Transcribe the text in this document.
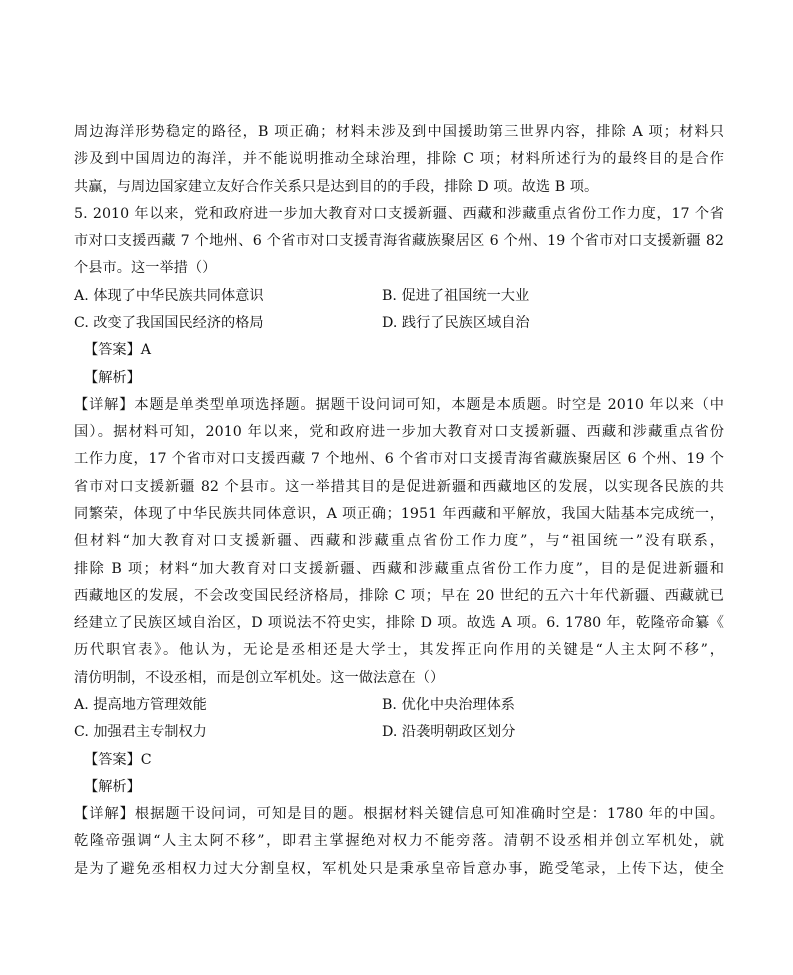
周边海洋形势稳定的路径，B 项正确；材料未涉及到中国援助第三世界内容，排除 A 项；材料只
涉及到中国周边的海洋，并不能说明推动全球治理，排除 C 项；材料所述行为的最终目的是合作
共赢，与周边国家建立友好合作关系只是达到目的的手段，排除 D 项。故选 B 项。
5. 2010 年以来，党和政府进一步加大教育对口支援新疆、西藏和涉藏重点省份工作力度，17 个省
市对口支援西藏 7 个地州、6 个省市对口支援青海省藏族聚居区 6 个州、19 个省市对口支援新疆 82
个县市。这一举措（）
A. 体现了中华民族共同体意识	B. 促进了祖国统一大业
C. 改变了我国国民经济的格局	D. 践行了民族区域自治
【答案】A
【解析】
【详解】本题是单类型单项选择题。据题干设问词可知，本题是本质题。时空是 2010 年以来（中
国）。据材料可知，2010 年以来，党和政府进一步加大教育对口支援新疆、西藏和涉藏重点省份
工作力度，17 个省市对口支援西藏 7 个地州、6 个省市对口支援青海省藏族聚居区 6 个州、19 个
省市对口支援新疆 82 个县市。这一举措其目的是促进新疆和西藏地区的发展，以实现各民族的共
同繁荣，体现了中华民族共同体意识，A 项正确；1951 年西藏和平解放，我国大陆基本完成统一，
但材料“加大教育对口支援新疆、西藏和涉藏重点省份工作力度”，与“祖国统一”没有联系，
排除 B 项；材料“加大教育对口支援新疆、西藏和涉藏重点省份工作力度”，目的是促进新疆和
西藏地区的发展，不会改变国民经济格局，排除 C 项；早在 20 世纪的五六十年代新疆、西藏就已
经建立了民族区域自治区，D 项说法不符史实，排除 D 项。故选 A 项。6. 1780 年，乾隆帝命纂《
历代职官表》。他认为，无论是丞相还是大学士，其发挥正向作用的关键是“人主太阿不移”，
清仿明制，不设丞相，而是创立军机处。这一做法意在（）
A. 提高地方管理效能	B. 优化中央治理体系
C. 加强君主专制权力	D. 沿袭明朝政区划分
【答案】C
【解析】
【详解】根据题干设问词，可知是目的题。根据材料关键信息可知准确时空是：1780 年的中国。
乾隆帝强调“人主太阿不移”，即君主掌握绝对权力不能旁落。清朝不设丞相并创立军机处，就
是为了避免丞相权力过大分割皇权，军机处只是秉承皇帝旨意办事，跪受笔录，上传下达，使全
